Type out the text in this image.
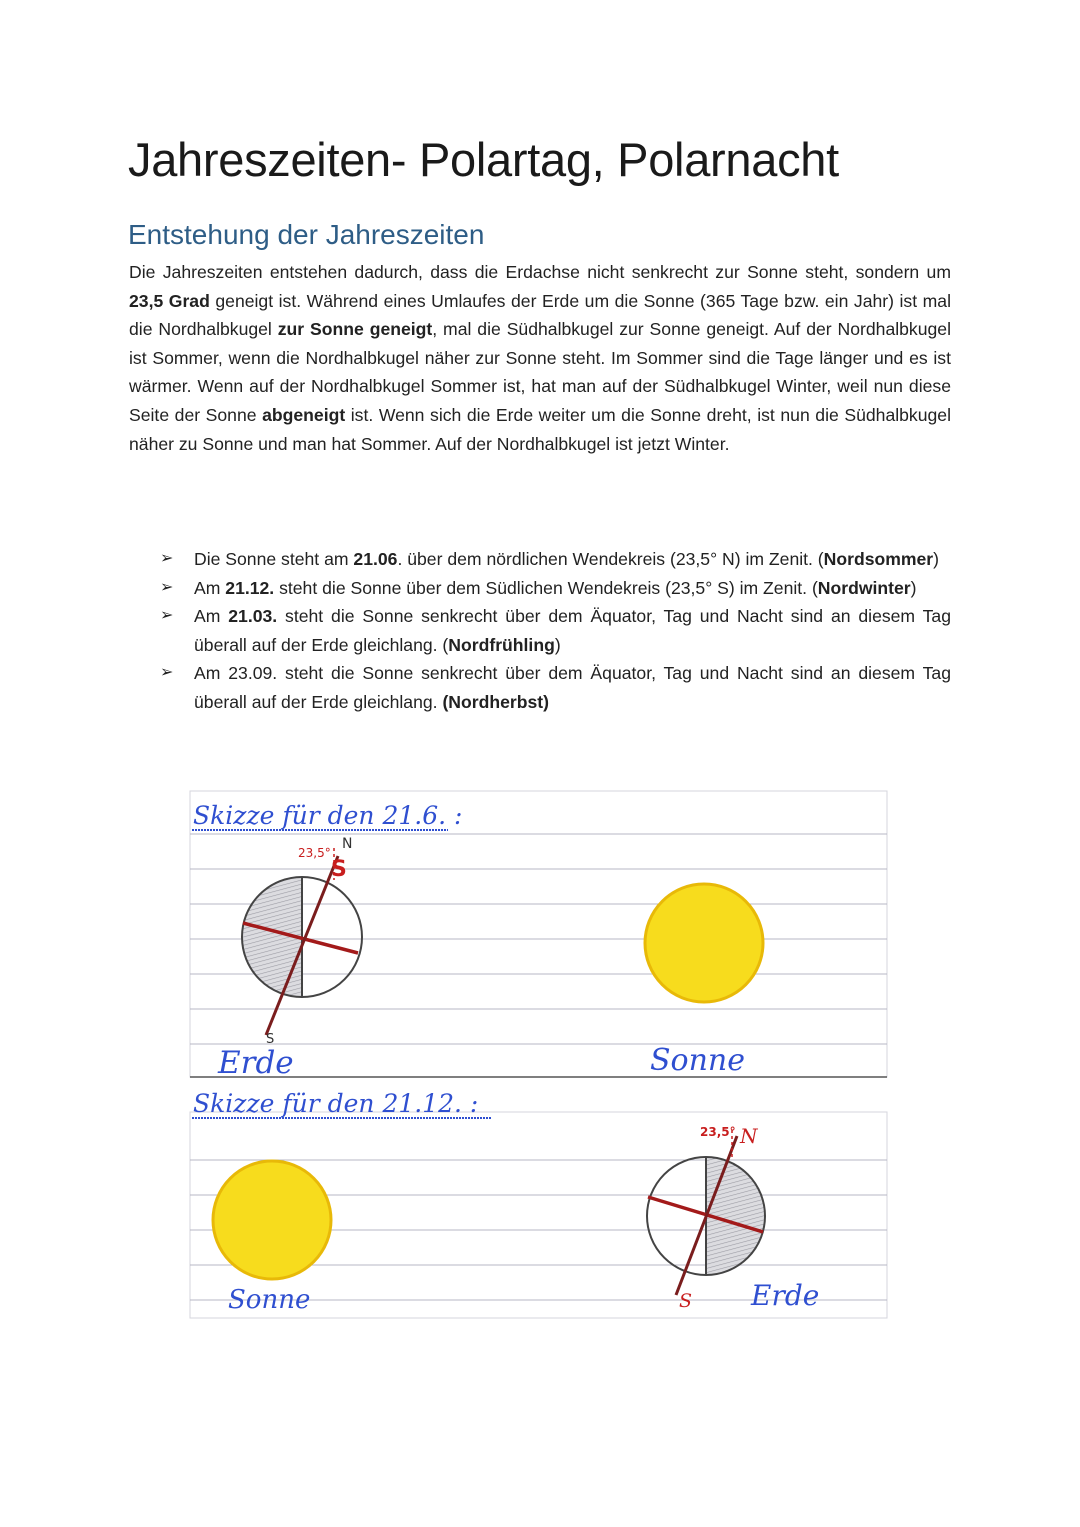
Jahreszeiten- Polartag, Polarnacht
Entstehung der Jahreszeiten

Die Jahreszeiten entstehen dadurch, dass die Erdachse nicht senkrecht zur Sonne steht, sondern um 23,5 Grad geneigt ist. Während eines Umlaufes der Erde um die Sonne (365 Tage bzw. ein Jahr) ist mal die Nordhalbkugel zur Sonne geneigt, mal die Südhalbkugel zur Sonne geneigt. Auf der Nordhalbkugel ist Sommer, wenn die Nordhalbkugel näher zur Sonne steht. Im Sommer sind die Tage länger und es ist wärmer. Wenn auf der Nordhalbkugel Sommer ist, hat man auf der Südhalbkugel Winter, weil nun diese Seite der Sonne abgeneigt ist. Wenn sich die Erde weiter um die Sonne dreht, ist nun die Südhalbkugel näher zu Sonne und man hat Sommer. Auf der Nordhalbkugel ist jetzt Winter.

➢ Die Sonne steht am 21.06. über dem nördlichen Wendekreis (23,5° N) im Zenit. (Nordsommer)
➢ Am 21.12. steht die Sonne über dem Südlichen Wendekreis (23,5° S) im Zenit. (Nordwinter)
➢ Am 21.03. steht die Sonne senkrecht über dem Äquator, Tag und Nacht sind an diesem Tag überall auf der Erde gleichlang. (Nordfrühling)
➢ Am 23.09. steht die Sonne senkrecht über dem Äquator, Tag und Nacht sind an diesem Tag überall auf der Erde gleichlang. (Nordherbst)
Skizze für den 21.6. :
23,5°
N
S
S
Erde	Sonne
Skizze für den 21.12. :
Sonne
23,5° N
S Erde
